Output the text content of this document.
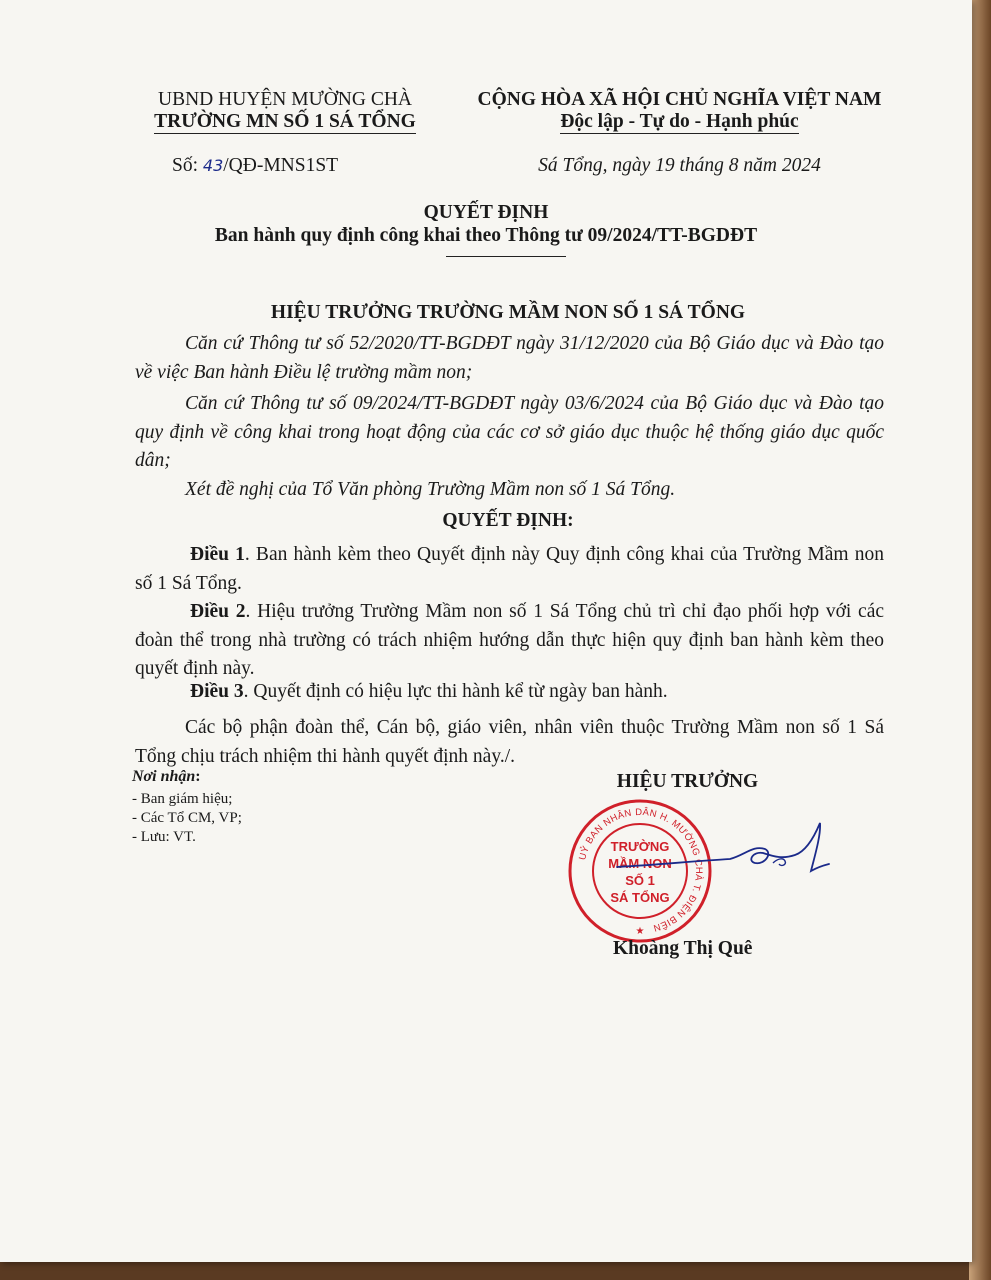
UBND HUYỆN MƯỜNG CHÀ
TRƯỜNG MN SỐ 1 SÁ TỔNG
Số: 43/QĐ-MNS1ST
CỘNG HÒA XÃ HỘI CHỦ NGHĨA VIỆT NAM
Độc lập - Tự do - Hạnh phúc
Sá Tổng, ngày 19 tháng 8 năm 2024
QUYẾT ĐỊNH
Ban hành quy định công khai theo Thông tư 09/2024/TT-BGDĐT
HIỆU TRƯỞNG TRƯỜNG MẦM NON SỐ 1 SÁ TỔNG
Căn cứ Thông tư số 52/2020/TT-BGDĐT ngày 31/12/2020 của Bộ Giáo dục và Đào tạo về việc Ban hành Điều lệ trường mầm non;
Căn cứ Thông tư số 09/2024/TT-BGDĐT ngày 03/6/2024 của Bộ Giáo dục và Đào tạo quy định về công khai trong hoạt động của các cơ sở giáo dục thuộc hệ thống giáo dục quốc dân;
Xét đề nghị của Tổ Văn phòng Trường Mầm non số 1 Sá Tổng.
QUYẾT ĐỊNH:
Điều 1. Ban hành kèm theo Quyết định này Quy định công khai của Trường Mầm non số 1 Sá Tổng.
Điều 2. Hiệu trưởng Trường Mầm non số 1 Sá Tổng chủ trì chỉ đạo phối hợp với các đoàn thể trong nhà trường có trách nhiệm hướng dẫn thực hiện quy định ban hành kèm theo quyết định này.
Điều 3. Quyết định có hiệu lực thi hành kể từ ngày ban hành.
Các bộ phận đoàn thể, Cán bộ, giáo viên, nhân viên thuộc Trường Mầm non số 1 Sá Tổng chịu trách nhiệm thi hành quyết định này./.
Nơi nhận:
- Ban giám hiệu;
- Các Tổ CM, VP;
- Lưu: VT.
HIỆU TRƯỞNG
UỶ BAN NHÂN DÂN H. MƯỜNG CHÀ T. ĐIỆN BIÊN
★
TRƯỜNG
MẦM NON
SỐ 1
SÁ TỔNG
Khoàng Thị Quê
